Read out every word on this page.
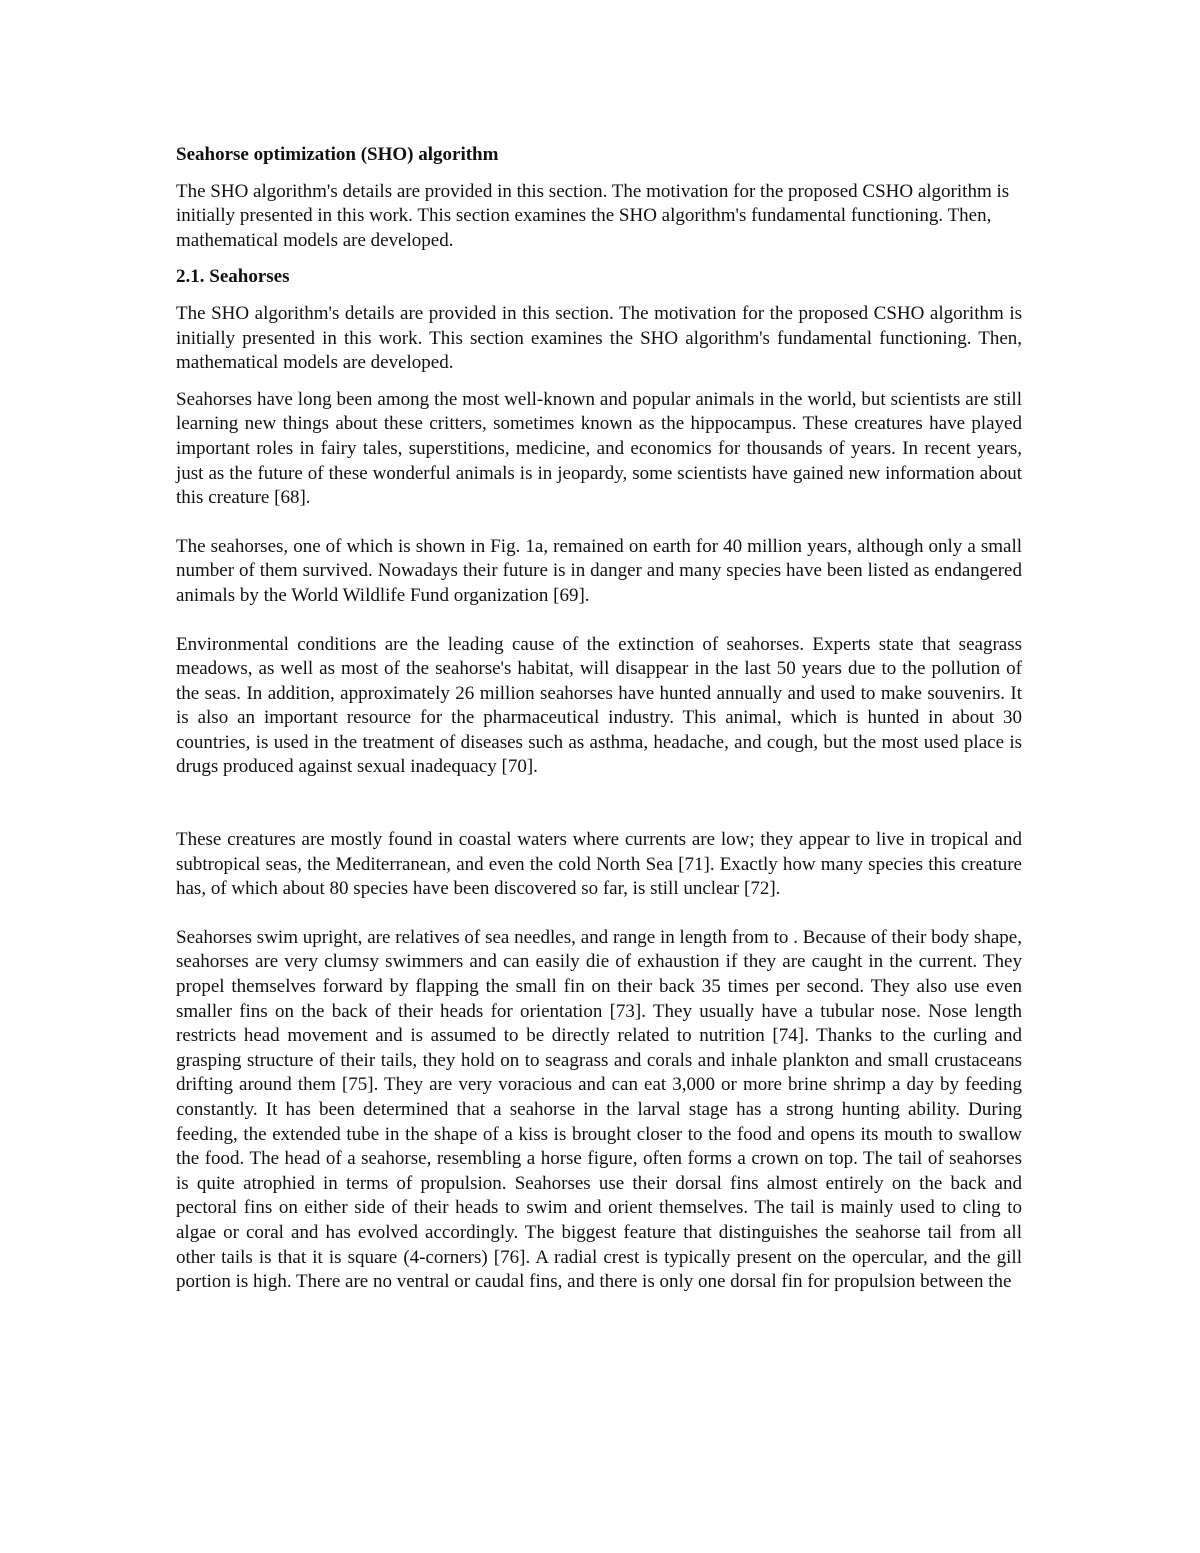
Seahorse optimization (SHO) algorithm

The SHO algorithm's details are provided in this section. The motivation for the proposed CSHO algorithm is initially presented in this work. This section examines the SHO algorithm's fundamental functioning. Then, mathematical models are developed.

2.1. Seahorses

The SHO algorithm's details are provided in this section. The motivation for the proposed CSHO algorithm is initially presented in this work. This section examines the SHO algorithm's fundamental functioning. Then, mathematical models are developed.

Seahorses have long been among the most well-known and popular animals in the world, but scientists are still learning new things about these critters, sometimes known as the hippocampus. These creatures have played important roles in fairy tales, superstitions, medicine, and economics for thousands of years. In recent years, just as the future of these wonderful animals is in jeopardy, some scientists have gained new information about this creature [68].

The seahorses, one of which is shown in Fig. 1a, remained on earth for 40 million years, although only a small number of them survived. Nowadays their future is in danger and many species have been listed as endangered animals by the World Wildlife Fund organization [69].

Environmental conditions are the leading cause of the extinction of seahorses. Experts state that seagrass meadows, as well as most of the seahorse's habitat, will disappear in the last 50 years due to the pollution of the seas. In addition, approximately 26 million seahorses have hunted annually and used to make souvenirs. It is also an important resource for the pharmaceutical industry. This animal, which is hunted in about 30 countries, is used in the treatment of diseases such as asthma, headache, and cough, but the most used place is drugs produced against sexual inadequacy [70].

These creatures are mostly found in coastal waters where currents are low; they appear to live in tropical and subtropical seas, the Mediterranean, and even the cold North Sea [71]. Exactly how many species this creature has, of which about 80 species have been discovered so far, is still unclear [72].

Seahorses swim upright, are relatives of sea needles, and range in length from to . Because of their body shape, seahorses are very clumsy swimmers and can easily die of exhaustion if they are caught in the current. They propel themselves forward by flapping the small fin on their back 35 times per second. They also use even smaller fins on the back of their heads for orientation [73]. They usually have a tubular nose. Nose length restricts head movement and is assumed to be directly related to nutrition [74]. Thanks to the curling and grasping structure of their tails, they hold on to seagrass and corals and inhale plankton and small crustaceans drifting around them [75]. They are very voracious and can eat 3,000 or more brine shrimp a day by feeding constantly. It has been determined that a seahorse in the larval stage has a strong hunting ability. During feeding, the extended tube in the shape of a kiss is brought closer to the food and opens its mouth to swallow the food. The head of a seahorse, resembling a horse figure, often forms a crown on top. The tail of seahorses is quite atrophied in terms of propulsion. Seahorses use their dorsal fins almost entirely on the back and pectoral fins on either side of their heads to swim and orient themselves. The tail is mainly used to cling to algae or coral and has evolved accordingly. The biggest feature that distinguishes the seahorse tail from all other tails is that it is square (4-corners) [76]. A radial crest is typically present on the opercular, and the gill portion is high. There are no ventral or caudal fins, and there is only one dorsal fin for propulsion between the
